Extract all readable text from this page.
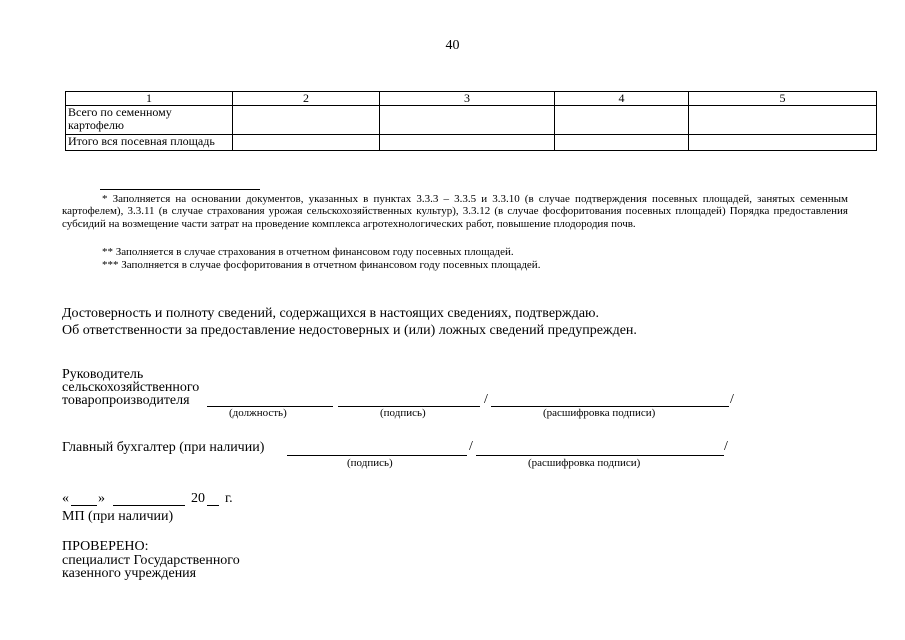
40
1	2	3	4	5
Всего по семенному картофелю				
Итого вся посевная площадь				
* Заполняется на основании документов, указанных в пунктах 3.3.3 – 3.3.5 и 3.3.10 (в случае подтверждения посевных площадей, занятых семенным картофелем), 3.3.11 (в случае страхования урожая сельскохозяйственных культур), 3.3.12 (в случае фосфоритования посевных площадей) Порядка предоставления субсидий на возмещение части затрат на проведение комплекса агротехнологических работ, повышение плодородия почв.
** Заполняется в случае страхования в отчетном финансовом году посевных площадей.
*** Заполняется в случае фосфоритования в отчетном финансовом году посевных площадей.
Достоверность и полноту сведений, содержащихся в настоящих сведениях, подтверждаю.
Об ответственности за предоставление недостоверных и (или) ложных сведений предупрежден.
Руководитель
сельскохозяйственного
товаропроизводителя	/	/
(должность)	(подпись)	(расшифровка подписи)
Главный бухгалтер (при наличии)	/	/
(подпись)	(расшифровка подписи)
« »	20 г.
МП (при наличии)
ПРОВЕРЕНО:
специалист Государственного
казенного учреждения
